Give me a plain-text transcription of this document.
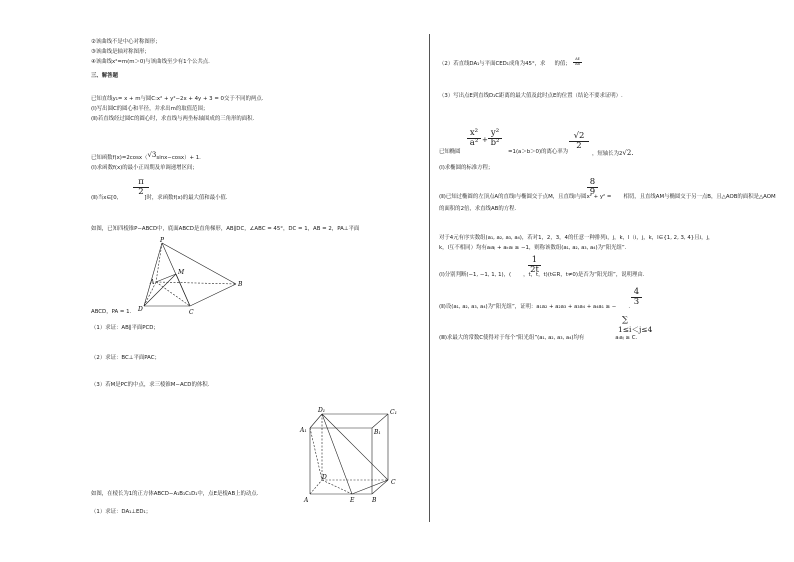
②该曲线不是中心对称图形；
③该曲线是轴对称图形；
④该曲线x²=m(m＞0)与该曲线至少有1个公共点.
三、解答题
已知直线y₁= x + m与圆C:x² + y²−2x + 4y + 3 = 0交于不同的两点.
(Ⅰ)写出圆C的圆心和半径，并求出m的取值范围；
(Ⅱ)若直线经过圆C的圆心时，求直线与两坐标轴围成的三角形的面积.
已知函数f(x)=2cosx（√3sinx−cosx）+ 1.
(Ⅰ)求函数f(x)的最小正周期及单调递增区间；
(Ⅱ)当x∈[0,	]时，求函数f(x)的最大值和最小值.
$\frac{\pi}{2}$
如图，已知四棱锥P−ABCD中，底面ABCD是直角梯形，AB∥DC，∠ABC = 45°，DC = 1，AB = 2，PA⊥平面
P
A	B
C
D
M
ABCD，PA = 1.
（1）求证：AB∥平面PCD；
（2）求证：BC⊥平面PAC；
（3）若M是PC的中点，求三棱锥M−ACD的体积.
D₁	C₁
A₁	B₁
D
C
A	E	B
如图，在棱长为1的正方体ABCD−A₁B₁C₁D₁中，点E是棱AB上的动点.
（1）求证：DA₁⊥ED₁；
（2）若直线DA₁与平面CED₁成角为45°，求 的值； $\frac{AE}{AB}$
（3）写出点E到直线D₁C距离的最大值及此时点E的位置（结论不要求证明）.
已知椭圆
$\frac{\text{x²}}{\text{a²}} + \frac{\text{y²}}{\text{b²}}$
=1(a＞b＞0)的离心率为
$\frac{√2}{2}$
，短轴长为2√2.
(Ⅰ)求椭圆的标准方程；
(Ⅱ)已知过椭圆的左顶点A的直线l与椭圆交于点M，且直线l与圆x² + y² = 相切，且直线AM与椭圆交于另一点B，且△AOB的面积是△AOM
$\frac{8}{9}$
的面积的2倍，求直线AB的方程.
对于4元有序实数组(a₁, a₂, a₃, a₄)，若对1，2，3，4的任意一种排列i，j，k，l（i，j，k，l∈{1, 2, 3, 4}且i，j，
k，l互不相同）均有aᵢaⱼ + aₖaₗ ≥ −1，则称该数组(a₁, a₂, a₃, a₄)为“阳光组”.
(Ⅰ)分别判断(−1, −1, 1, 1)，( ，t，t，t)(t∈R，t≠0)是否为“阳光组”，说明理由.
$\frac{1}{2t}$
(Ⅱ)设(a₁, a₂, a₃, a₄)为“阳光组”，证明：a₁a₂ + a₂a₃ + a₃a₄ + a₄a₁ ≥ − .
$\frac{4}{3}$
(Ⅲ)求最大的常数C使得对于每个“阳光组”(a₁, a₂, a₃, a₄)均有	aᵢaⱼ ≥ C.
∑
1≤i＜j≤4
